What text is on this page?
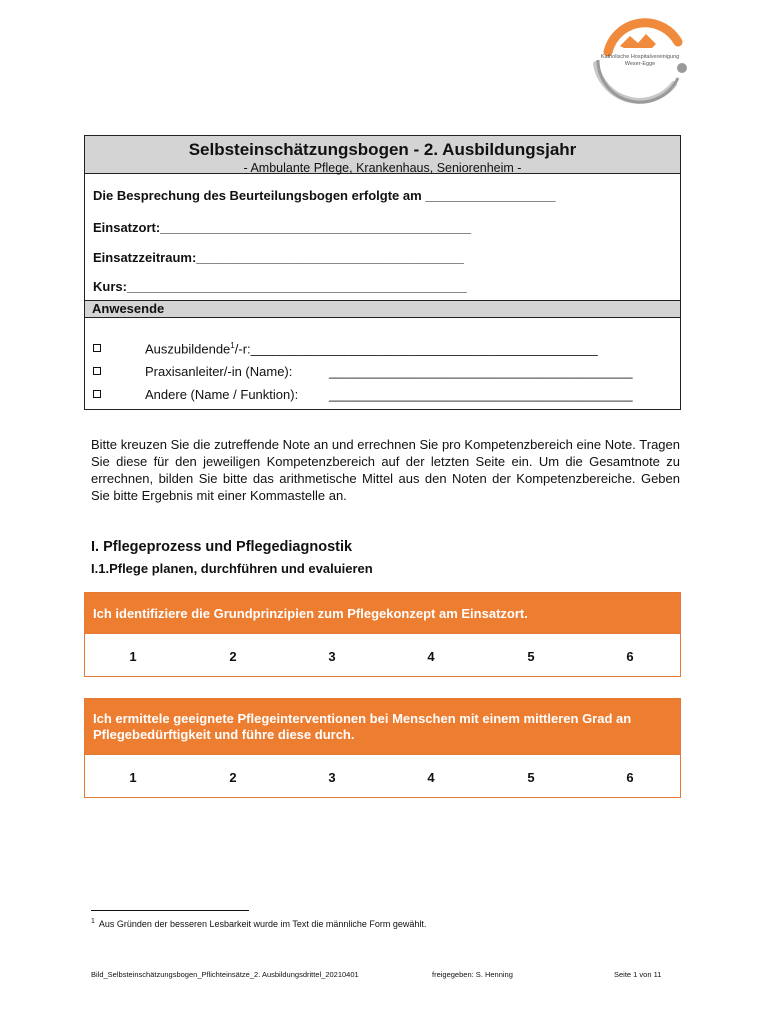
Katholische Hospitalvereinigung
Weser-Egge
Selbsteinschätzungsbogen - 2. Ausbildungsjahr
- Ambulante Pflege, Krankenhaus, Seniorenheim -
Die Besprechung des Beurteilungsbogen erfolgte am __________________
Einsatzort:___________________________________________
Einsatzzeitraum:_____________________________________
Kurs:_______________________________________________
Anwesende
Auszubildende$^1$/-r:________________________________________________
Praxisanleiter/-in (Name):	__________________________________________
Andere (Name / Funktion): __________________________________________
Bitte kreuzen Sie die zutreffende Note an und errechnen Sie pro Kompetenzbereich eine Note. Tragen Sie diese für den jeweiligen Kompetenzbereich auf der letzten Seite ein. Um die Gesamtnote zu errechnen, bilden Sie bitte das arithmetische Mittel aus den Noten der Kompetenzbereiche. Geben Sie bitte Ergebnis mit einer Kommastelle an.
I. Pflegeprozess und Pflegediagnostik
I.1.Pflege planen, durchführen und evaluieren
Ich identifiziere die Grundprinzipien zum Pflegekonzept am Einsatzort.
1	2	3	4	5	6
Ich ermittele geeignete Pflegeinterventionen bei Menschen mit einem mittleren Grad an Pflegebedürftigkeit und führe diese durch.
1	2	3	4	5	6
$^1$ Aus Gründen der besseren Lesbarkeit wurde im Text die männliche Form gewählt.
Bild_Selbsteinschätzungsbogen_Pflichteinsätze_2. Ausbildungsdrittel_20210401	freigegeben: S. Henning	Seite 1 von 11
